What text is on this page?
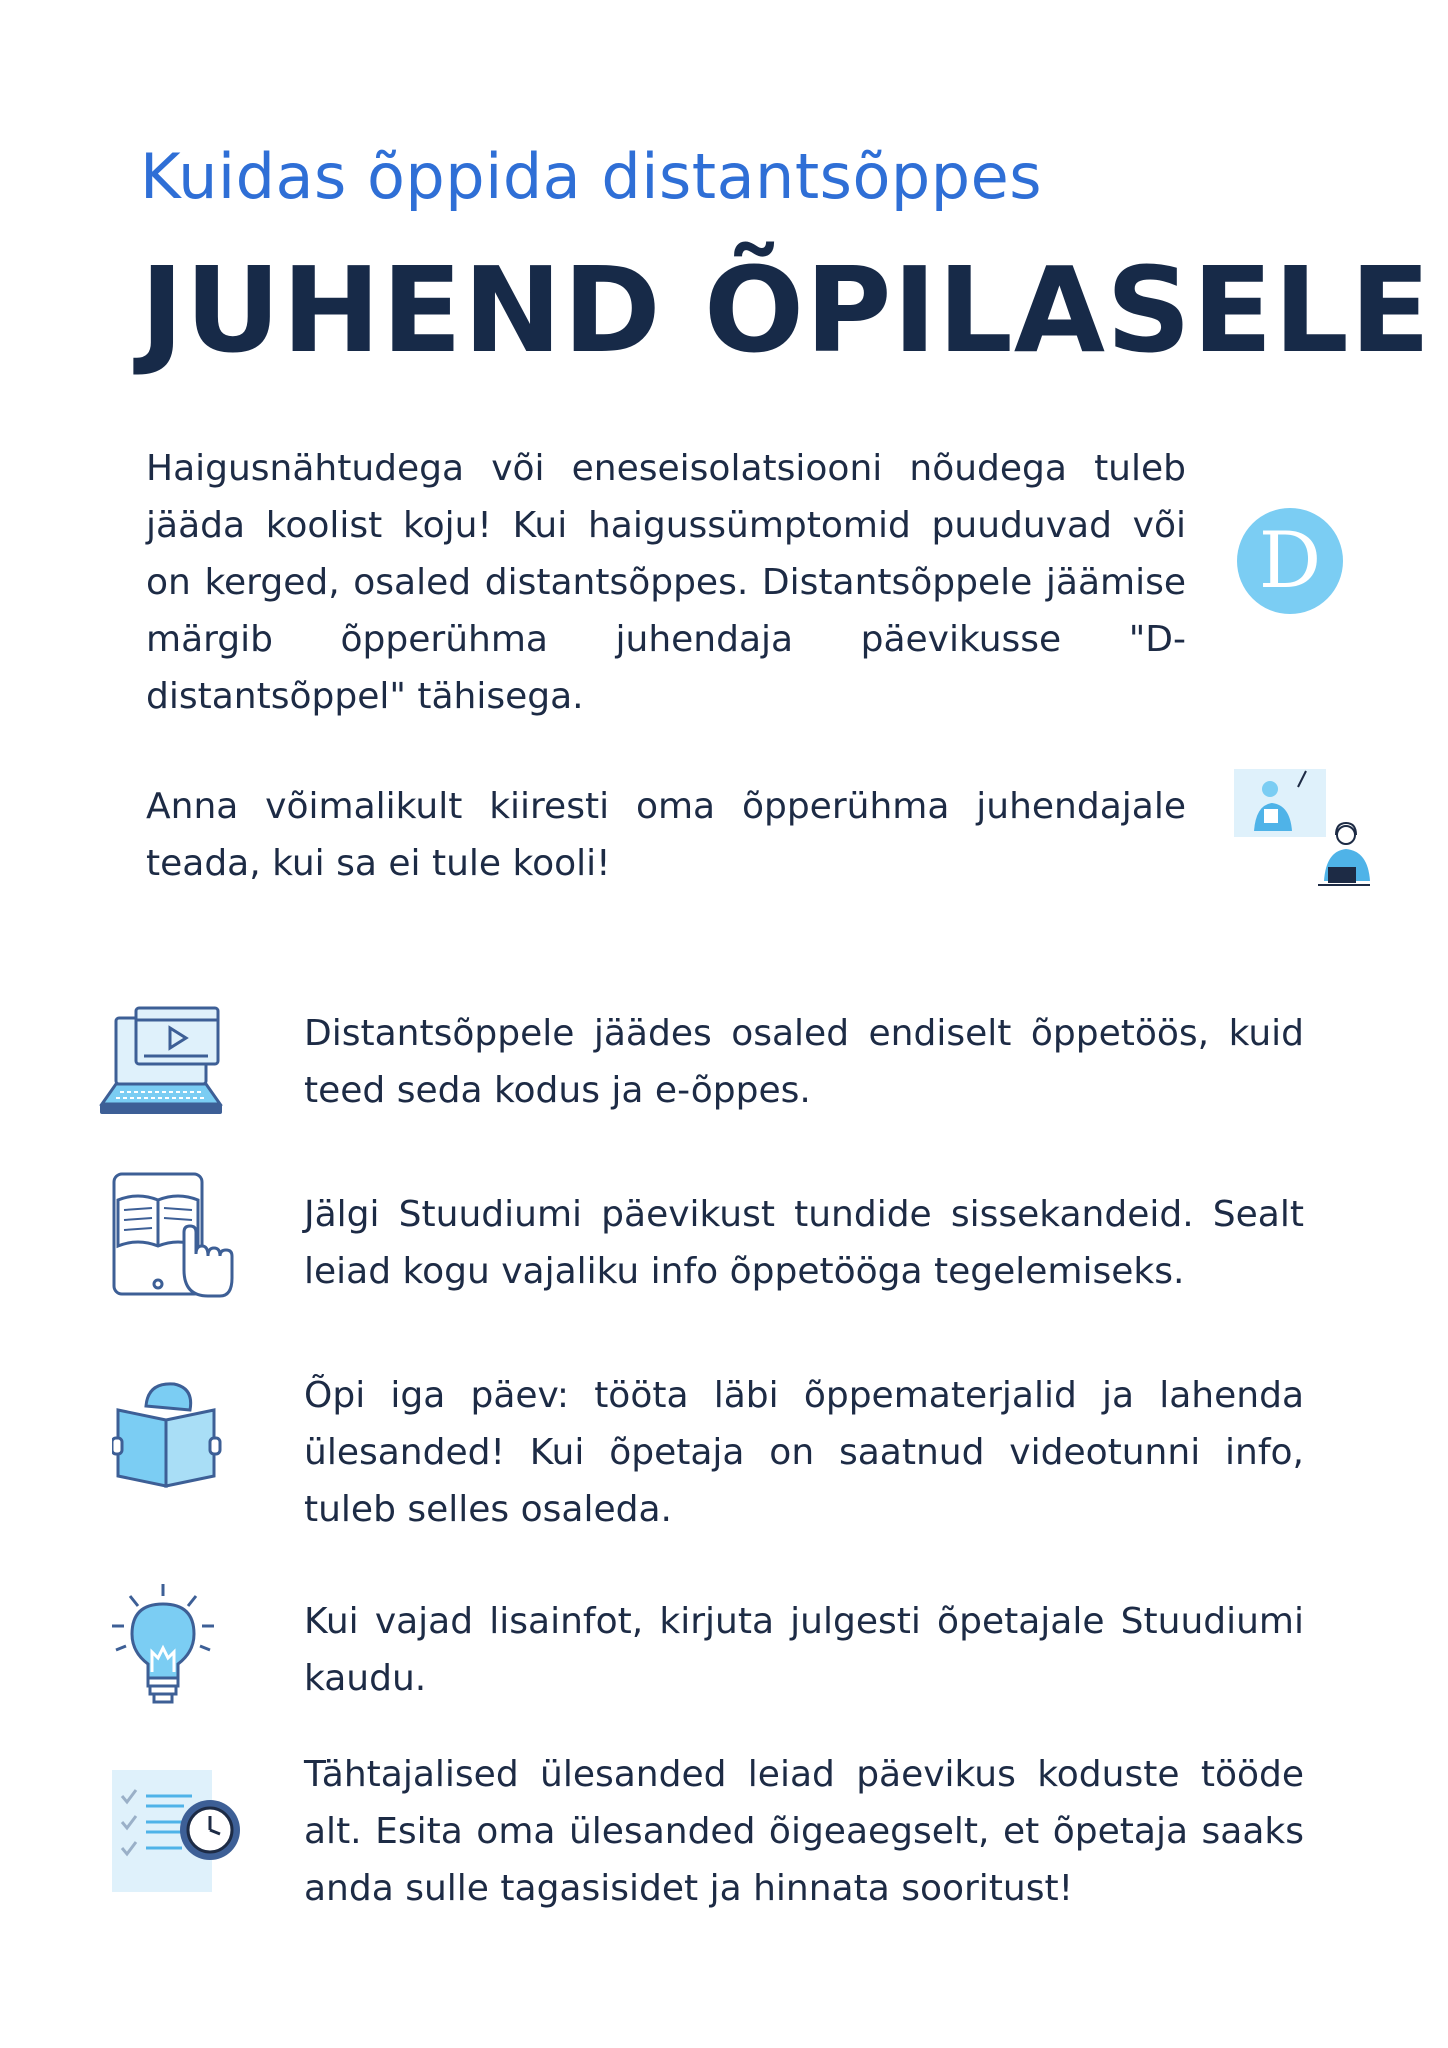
Kuidas õppida distantsõppes
JUHEND ÕPILASELE

Haigusnähtudega või eneseisolatsiooni nõudega tuleb jääda koolist koju! Kui haigussümptomid puuduvad või on kerged, osaled distantsõppes. Distantsõppele jäämise märgib õpperühma juhendaja päevikusse "D-distantsõppel" tähisega.

D

Anna võimalikult kiiresti oma õpperühma juhendajale teada, kui sa ei tule kooli!

Distantsõppele jäädes osaled endiselt õppetöös, kuid teed seda kodus ja e-õppes.

Jälgi Stuudiumi päevikust tundide sissekandeid. Sealt leiad kogu vajaliku info õppetööga tegelemiseks.

Õpi iga päev: tööta läbi õppematerjalid ja lahenda ülesanded! Kui õpetaja on saatnud videotunni info, tuleb selles osaleda.

Kui vajad lisainfot, kirjuta julgesti õpetajale Stuudiumi kaudu.

Tähtajalised ülesanded leiad päevikus koduste tööde alt. Esita oma ülesanded õigeaegselt, et õpetaja saaks anda sulle tagasisidet ja hinnata sooritust!
